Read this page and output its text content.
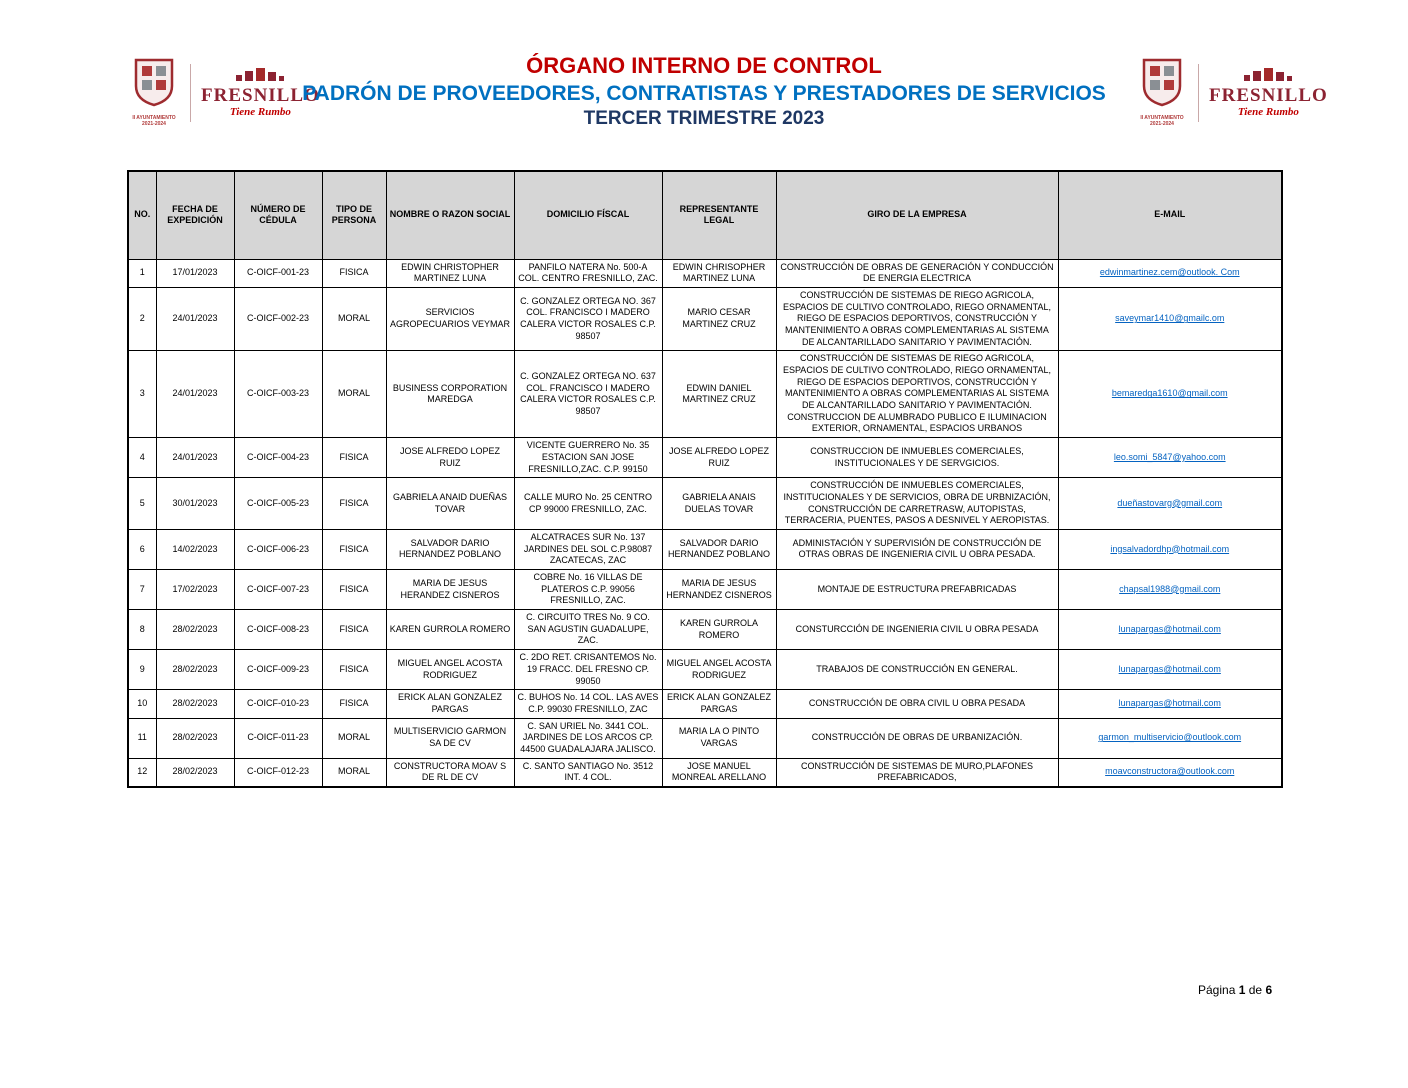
II AYUNTAMIENTO 2021-2024
FRESNILLO
Tiene Rumbo
ÓRGANO INTERNO DE CONTROL
PADRÓN DE PROVEEDORES, CONTRATISTAS Y PRESTADORES DE SERVICIOS
TERCER TRIMESTRE 2023	II AYUNTAMIENTO 2021-2024
FRESNILLO
Tiene Rumbo
NO.	FECHA DE EXPEDICIÓN	NÚMERO DE CÉDULA	TIPO DE PERSONA	NOMBRE O RAZON SOCIAL	DOMICILIO FÍSCAL	REPRESENTANTE LEGAL	GIRO DE LA EMPRESA	E-MAIL
1	17/01/2023	C-OICF-001-23	FISICA	EDWIN CHRISTOPHER MARTINEZ LUNA	PANFILO NATERA No. 500-A COL. CENTRO FRESNILLO, ZAC.	EDWIN CHRISOPHER MARTINEZ LUNA	CONSTRUCCIÓN DE OBRAS DE GENERACIÓN Y CONDUCCIÓN DE ENERGIA ELECTRICA	edwinmartinez.cem@outlook. Com
2	24/01/2023	C-OICF-002-23	MORAL	SERVICIOS AGROPECUARIOS VEYMAR	C. GONZALEZ ORTEGA NO. 367 COL. FRANCISCO I MADERO CALERA VICTOR ROSALES C.P. 98507	MARIO CESAR MARTINEZ CRUZ	CONSTRUCCIÓN DE SISTEMAS DE RIEGO AGRICOLA, ESPACIOS DE CULTIVO CONTROLADO, RIEGO ORNAMENTAL, RIEGO DE ESPACIOS DEPORTIVOS, CONSTRUCCIÓN Y MANTENIMIENTO A OBRAS COMPLEMENTARIAS AL SISTEMA DE ALCANTARILLADO SANITARIO Y PAVIMENTACIÓN.	saveymar1410@gmailc.om
3	24/01/2023	C-OICF-003-23	MORAL	BUSINESS CORPORATION MAREDGA	C. GONZALEZ ORTEGA NO. 637 COL. FRANCISCO I MADERO CALERA VICTOR ROSALES C.P. 98507	EDWIN DANIEL MARTINEZ CRUZ	CONSTRUCCIÓN DE SISTEMAS DE RIEGO AGRICOLA, ESPACIOS DE CULTIVO CONTROLADO, RIEGO ORNAMENTAL, RIEGO DE ESPACIOS DEPORTIVOS, CONSTRUCCIÓN Y MANTENIMIENTO A OBRAS COMPLEMENTARIAS AL SISTEMA DE ALCANTARILLADO SANITARIO Y PAVIMENTACIÓN. CONSTRUCCION DE ALUMBRADO PUBLICO E ILUMINACION EXTERIOR, ORNAMENTAL, ESPACIOS URBANOS	bemaredga1610@gmail.com
4	24/01/2023	C-OICF-004-23	FISICA	JOSE ALFREDO LOPEZ RUIZ	VICENTE GUERRERO No. 35 ESTACION SAN JOSE FRESNILLO,ZAC. C.P. 99150	JOSE ALFREDO LOPEZ RUIZ	CONSTRUCCION DE INMUEBLES COMERCIALES, INSTITUCIONALES Y DE SERVGICIOS.	leo.somi_5847@yahoo.com
5	30/01/2023	C-OICF-005-23	FISICA	GABRIELA ANAID DUEÑAS TOVAR	CALLE MURO No. 25 CENTRO CP 99000 FRESNILLO, ZAC.	GABRIELA ANAIS DUELAS TOVAR	CONSTRUCCIÓN DE INMUEBLES COMERCIALES, INSTITUCIONALES Y DE SERVICIOS, OBRA DE URBNIZACIÓN, CONSTRUCCIÓN DE CARRETRASW, AUTOPISTAS, TERRACERIA, PUENTES, PASOS A DESNIVEL Y AEROPISTAS.	dueñastovarg@gmail.com
6	14/02/2023	C-OICF-006-23	FISICA	SALVADOR DARIO HERNANDEZ POBLANO	ALCATRACES SUR No. 137 JARDINES DEL SOL C.P.98087 ZACATECAS, ZAC	SALVADOR DARIO HERNANDEZ POBLANO	ADMINISTACIÓN Y SUPERVISIÓN DE CONSTRUCCIÓN DE OTRAS OBRAS DE INGENIERIA CIVIL U OBRA PESADA.	ingsalvadordhp@hotmail.com
7	17/02/2023	C-OICF-007-23	FISICA	MARIA DE JESUS HERANDEZ CISNEROS	COBRE No. 16 VILLAS DE PLATEROS C.P. 99056 FRESNILLO, ZAC.	MARIA DE JESUS HERNANDEZ CISNEROS	MONTAJE DE ESTRUCTURA PREFABRICADAS	chapsal1988@gmail.com
8	28/02/2023	C-OICF-008-23	FISICA	KAREN GURROLA ROMERO	C. CIRCUITO TRES No. 9 CO. SAN AGUSTIN GUADALUPE, ZAC.	KAREN GURROLA ROMERO	CONSTURCCIÓN DE INGENIERIA CIVIL U OBRA PESADA	lunapargas@hotmail.com
9	28/02/2023	C-OICF-009-23	FISICA	MIGUEL ANGEL ACOSTA RODRIGUEZ	C. 2DO RET. CRISANTEMOS No. 19 FRACC. DEL FRESNO CP. 99050	MIGUEL ANGEL ACOSTA RODRIGUEZ	TRABAJOS DE CONSTRUCCIÓN EN GENERAL.	lunapargas@hotmail.com
10	28/02/2023	C-OICF-010-23	FISICA	ERICK ALAN GONZALEZ PARGAS	C. BUHOS No. 14 COL. LAS AVES C.P. 99030 FRESNILLO, ZAC	ERICK ALAN GONZALEZ PARGAS	CONSTRUCCIÓN DE OBRA CIVIL U OBRA PESADA	lunapargas@hotmail.com
11	28/02/2023	C-OICF-011-23	MORAL	MULTISERVICIO GARMON SA DE CV	C. SAN URIEL No. 3441 COL. JARDINES DE LOS ARCOS CP. 44500 GUADALAJARA JALISCO.	MARIA LA O PINTO VARGAS	CONSTRUCCIÓN DE OBRAS DE URBANIZACIÓN.	garmon_multiservicio@outlook.com
12	28/02/2023	C-OICF-012-23	MORAL	CONSTRUCTORA MOAV S DE RL DE CV	C. SANTO SANTIAGO No. 3512 INT. 4 COL.	JOSE MANUEL MONREAL ARELLANO	CONSTRUCCIÓN DE SISTEMAS DE MURO,PLAFONES PREFABRICADOS,	moavconstructora@outlook.com
Página 1 de 6
